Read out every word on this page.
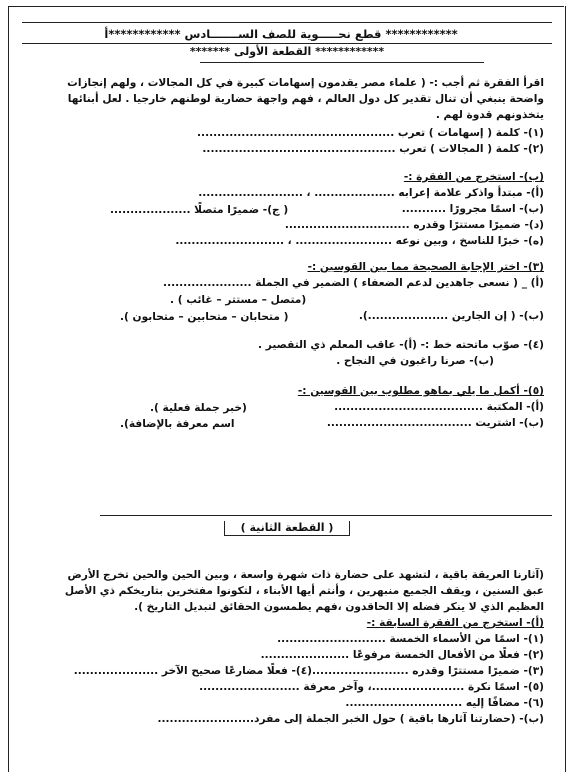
************ قطع نحـــــوية للصف الســـــــادس ************أ
************ القطعة الأولى *******
اقرأ الفقرة ثم أجب :- ( علماء مصر يقدمون إسهامات كبيرة في كل المجالات ، ولهم إنجازات
واضحة ينبغي أن تنال تقدير كل دول العالم ، فهم واجهة حضارية لوطنهم خارجيا . لعل أبنائها
يتخذونهم قدوة لهم .
(١)- كلمة ( إسهامات ) تعرب .................................................
(٢)- كلمة ( المجالات ) تعرب ................................................
(ب)- استخرج من الفقرة :-
(أ)- مبتدأ واذكر علامة إعرابه .................... ، ..........................
(ب)- اسمًا مجرورًا ...........
( ج)- ضميرًا متصلًا ....................
(د)- ضميرًا مستترًا وقدره ...............................
(ه)- خبرًا للناسخ ، وبين نوعه ........................ ، ...........................
(٣)- اختر الإجابة الصحيحة مما بين القوسين :-
(أ) _ ( نسعى جاهدين لدعم الضعفاء ) الضمير في الجملة ......................
(متصل – مستتر – غائب ) .
(ب)- ( إن الجارين ....................).
( متحابان – متحابين – متحابون ).
(٤)- صوّب ماتحته خط :- (أ)- عاقب المعلم ذي التقصير .
(ب)- صرنا راغبون في النجاح .
(٥)- أكمل ما يلي بماهو مطلوب بين القوسين :-
(أ)- المكتبة .....................................
(خبر جملة فعلية ).
(ب)- اشتريت ....................................
اسم معرفة بالإضافة).
( القطعة الثانية )
(آثارنا العريقة باقية ، لتشهد على حضارة ذات شهرة واسعة ، وبين الحين والحين تخرج الأرض
عبق السنين ، ويقف الجميع منبهرين ، وأنتم أيها الأبناء ، لتكونوا مفتخرين بتاريخكم ذي الأصل
العظيم الذي لا ينكر فضله إلا الحاقدون ،فهم يطمسون الحقائق لتبديل التاريخ ).
(أ)- استخرج من الفقرة السابقة :-
(١)- اسمًا من الأسماء الخمسة ...........................
(٢)- فعلًا من الأفعال الخمسة مرفوعًا ......................
(٣)- ضميرًا مستترًا وقدره ........................(٤)- فعلًا مضارعًا صحيح الآخر .....................
(٥)- اسمًا نكرة .......................، وآخر معرفة .........................
(٦)- مضافًا إليه .............................
(ب)- (حضارتنا آثارها باقية ) حول الخبر الجملة إلى مفرد........................
